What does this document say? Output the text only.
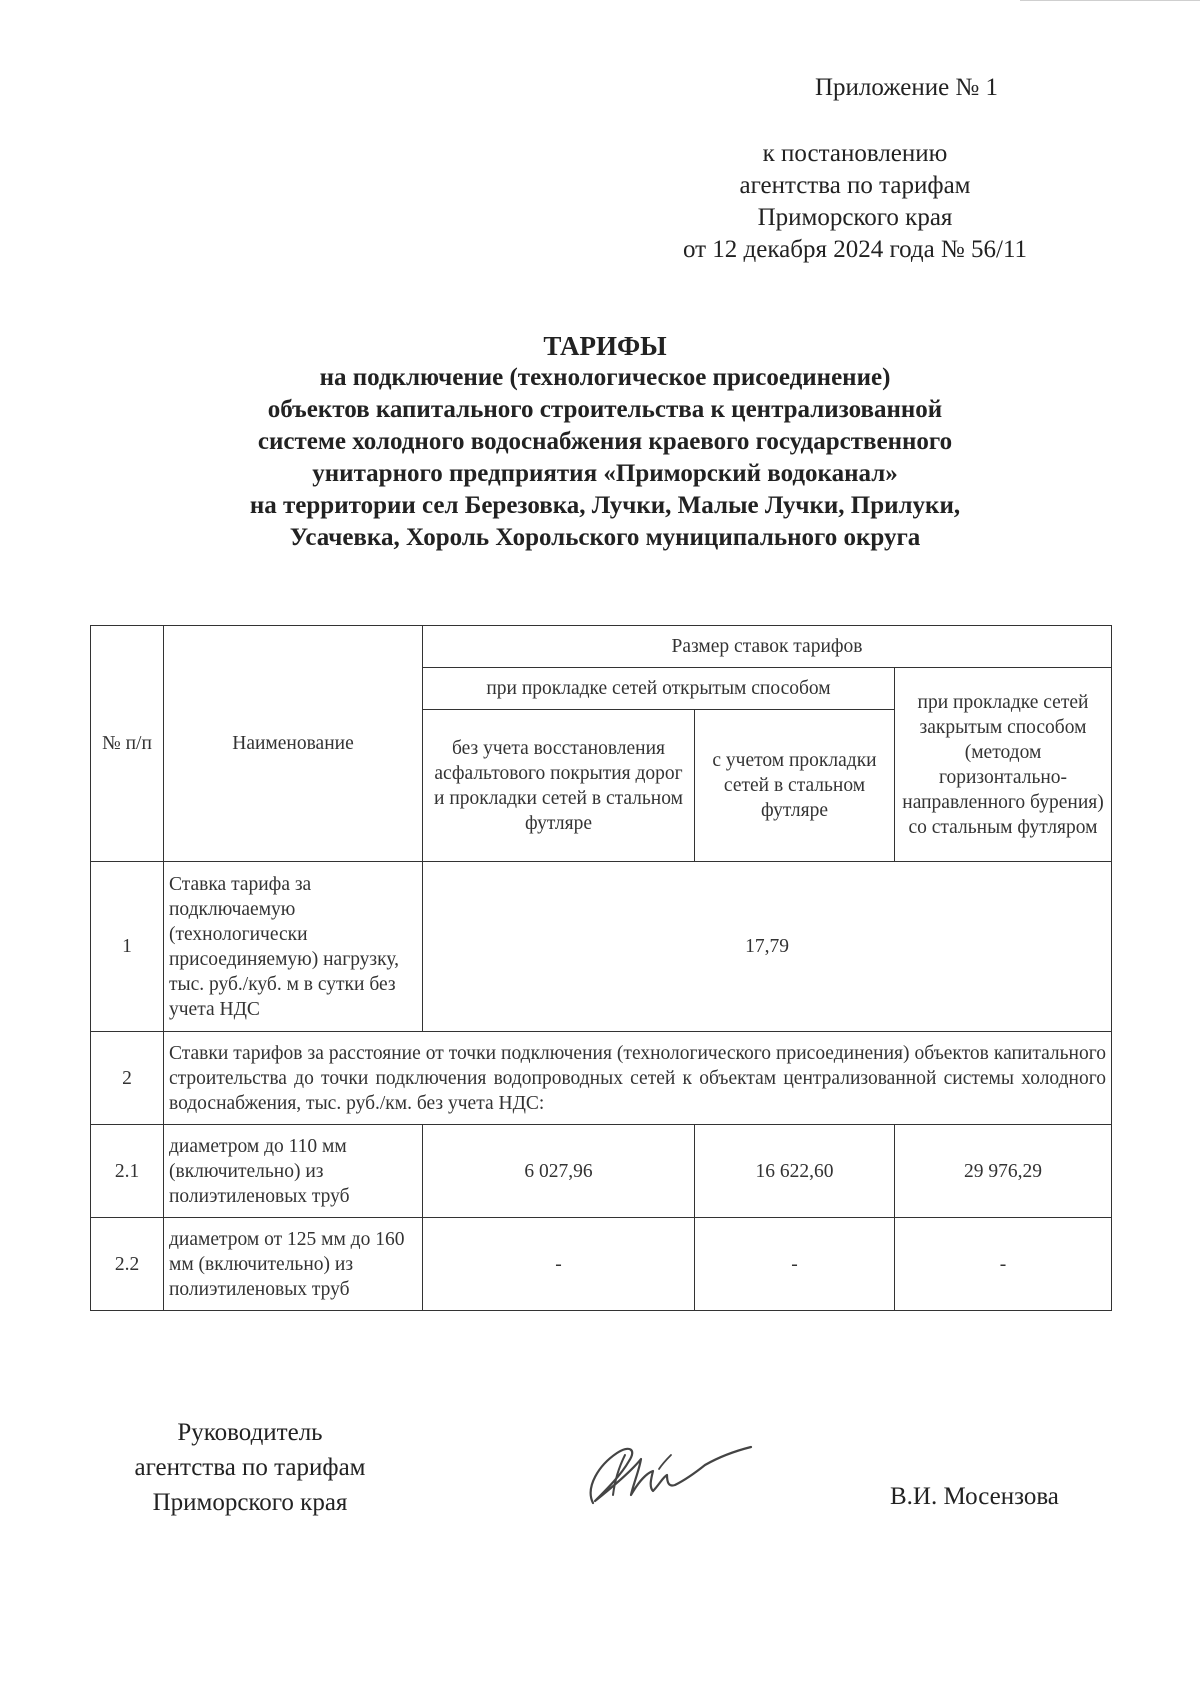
Приложение № 1
к постановлению
агентства по тарифам
Приморского края
от 12 декабря 2024 года № 56/11
ТАРИФЫ
на подключение (технологическое присоединение)
объектов капитального строительства к централизованной
системе холодного водоснабжения краевого государственного
унитарного предприятия «Приморский водоканал»
на территории сел Березовка, Лучки, Малые Лучки, Прилуки,
Усачевка, Хороль Хорольского муниципального округа
№ п/п	Наименование	Размер ставок тарифов		
		при прокладке сетей открытым способом		при прокладке сетей закрытым способом (методом горизонтально-направленного бурения) со стальным футляром
		без учета восстановления асфальтового покрытия дорог и прокладки сетей в стальном футляре	с учетом прокладки сетей в стальном футляре	
1	Ставка тарифа за подключаемую (технологически присоединяемую) нагрузку, тыс. руб./куб. м в сутки без учета НДС	17,79		
2	Ставки тарифов за расстояние от точки подключения (технологического присоединения) объектов капитального строительства до точки подключения водопроводных сетей к объектам централизованной системы холодного водоснабжения, тыс. руб./км. без учета НДС:			
2.1	диаметром до 110 мм (включительно) из полиэтиленовых труб	6 027,96	16 622,60	29 976,29
2.2	диаметром от 125 мм до 160 мм (включительно) из полиэтиленовых труб	-	-	-
Руководитель
агентства по тарифам
Приморского края	В.И. Мосензова
